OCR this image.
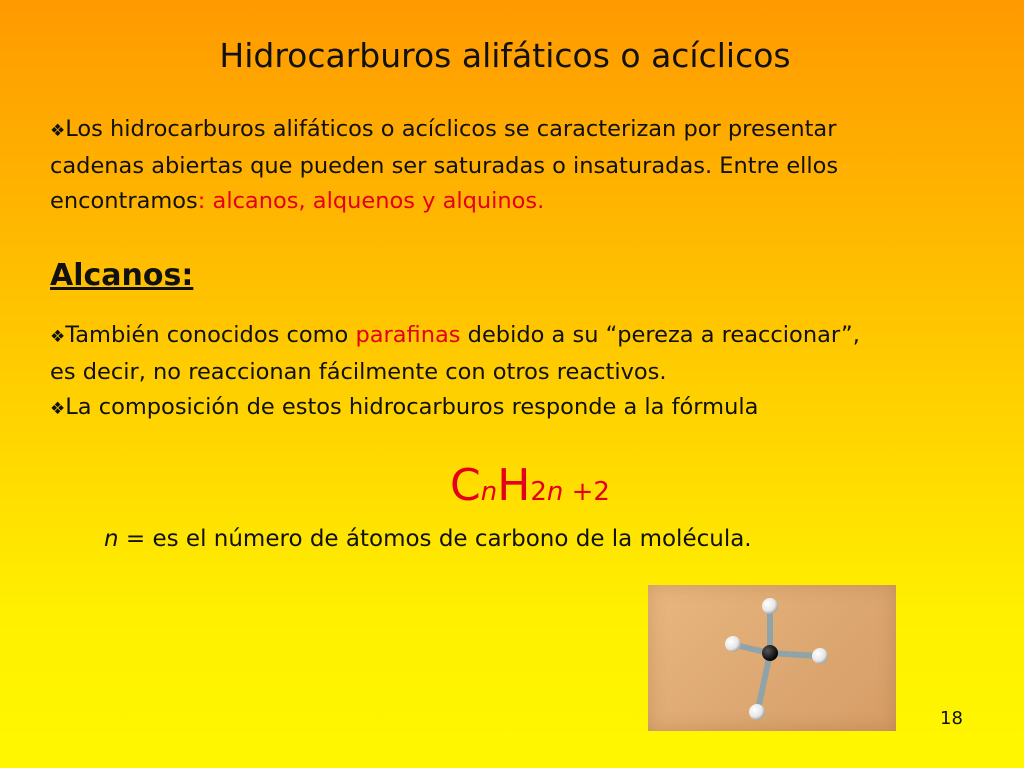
Hidrocarburos alifáticos o acíclicos
❖Los hidrocarburos alifáticos o acíclicos se caracterizan por presentar cadenas abiertas que pueden ser saturadas o insaturadas. Entre ellos encontramos: alcanos, alquenos y alquinos.
Alcanos:
❖También conocidos como parafinas debido a su “pereza a reaccionar”, es decir, no reaccionan fácilmente con otros reactivos.
❖La composición de estos hidrocarburos responde a la fórmula
CnH2n +2
n = es el número de átomos de carbono de la molécula.
18
